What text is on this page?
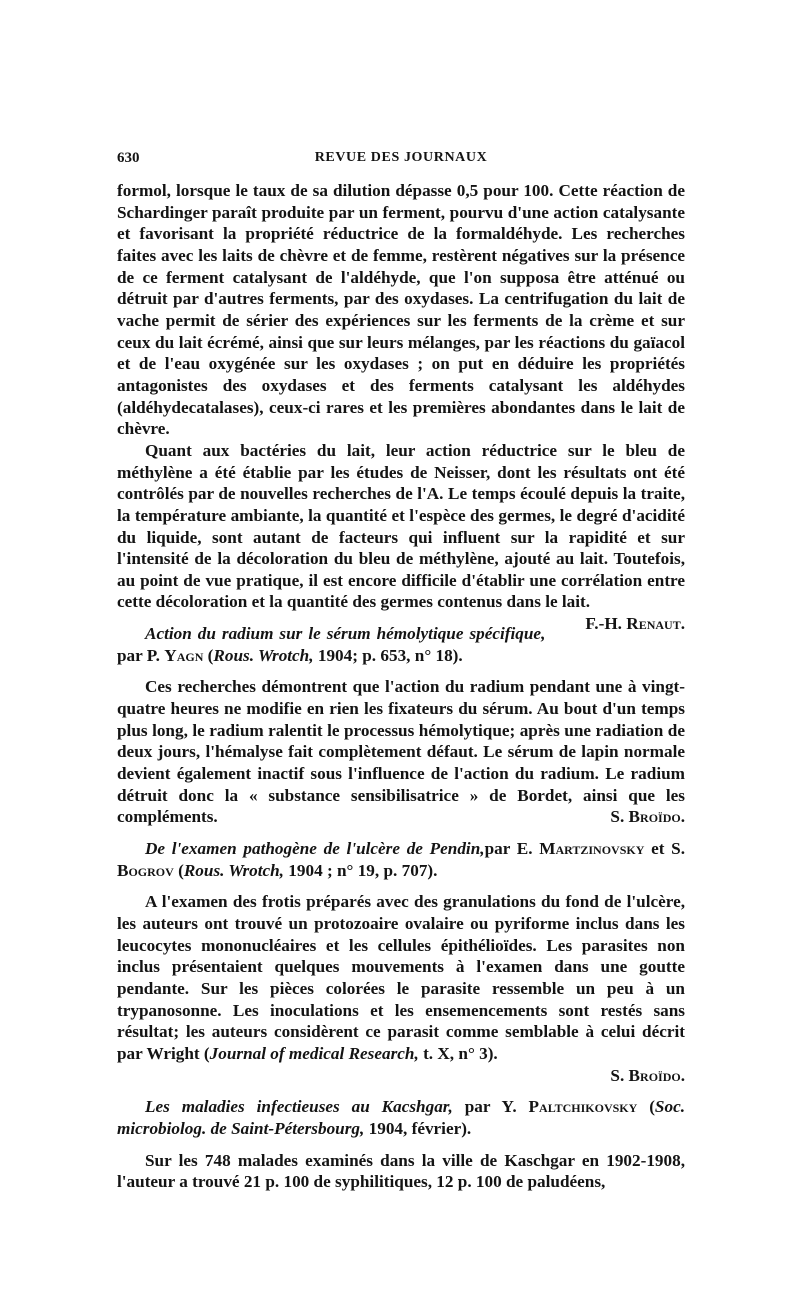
630	REVUE DES JOURNAUX

formol, lorsque le taux de sa dilution dépasse 0,5 pour 100. Cette réaction de Schardinger paraît produite par un ferment, pourvu d'une action catalysante et favorisant la propriété réductrice de la formaldéhyde. Les recherches faites avec les laits de chèvre et de femme, restèrent négatives sur la présence de ce ferment catalysant de l'aldéhyde, que l'on supposa être atténué ou détruit par d'autres ferments, par des oxydases. La centrifugation du lait de vache permit de sérier des expériences sur les ferments de la crème et sur ceux du lait écrémé, ainsi que sur leurs mélanges, par les réactions du gaïacol et de l'eau oxygénée sur les oxydases ; on put en déduire les propriétés antagonistes des oxydases et des ferments catalysant les aldéhydes (aldéhydecatalases), ceux-ci rares et les premières abondantes dans le lait de chèvre.

Quant aux bactéries du lait, leur action réductrice sur le bleu de méthylène a été établie par les études de Neisser, dont les résultats ont été contrôlés par de nouvelles recherches de l'A. Le temps écoulé depuis la traite, la température ambiante, la quantité et l'espèce des germes, le degré d'acidité du liquide, sont autant de facteurs qui influent sur la rapidité et sur l'intensité de la décoloration du bleu de méthylène, ajouté au lait. Toutefois, au point de vue pratique, il est encore difficile d'établir une corrélation entre cette décoloration et la quantité des germes contenus dans le lait.
F.-H. Renaut.

Action du radium sur le sérum hémolytique spécifique, par P. Yagn (Rous. Wrotch, 1904; p. 653, n° 18).

Ces recherches démontrent que l'action du radium pendant une à vingt-quatre heures ne modifie en rien les fixateurs du sérum. Au bout d'un temps plus long, le radium ralentit le processus hémolytique; après une radiation de deux jours, l'hémalyse fait complètement défaut. Le sérum de lapin normale devient également inactif sous l'influence de l'action du radium. Le radium détruit donc la « substance sensibilisatrice » de Bordet, ainsi que les compléments.	S. Broïdo.

De l'examen pathogène de l'ulcère de Pendin,par E. Martzinovsky et S. Bogrov (Rous. Wrotch, 1904 ; n° 19, p. 707).

A l'examen des frotis préparés avec des granulations du fond de l'ulcère, les auteurs ont trouvé un protozoaire ovalaire ou pyriforme inclus dans les leucocytes mononucléaires et les cellules épithélioïdes. Les parasites non inclus présentaient quelques mouvements à l'examen dans une goutte pendante. Sur les pièces colorées le parasite ressemble un peu à un trypanosonne. Les inoculations et les ensemencements sont restés sans résultat; les auteurs considèrent ce parasit comme semblable à celui décrit par Wright (Journal of medical Research, t. X, n° 3).
S. Broïdo.

Les maladies infectieuses au Kacshgar, par Y. Paltchikovsky (Soc. microbiolog. de Saint-Pétersbourg, 1904, février).

Sur les 748 malades examinés dans la ville de Kaschgar en 1902-1908, l'auteur a trouvé 21 p. 100 de syphilitiques, 12 p. 100 de paludéens,
